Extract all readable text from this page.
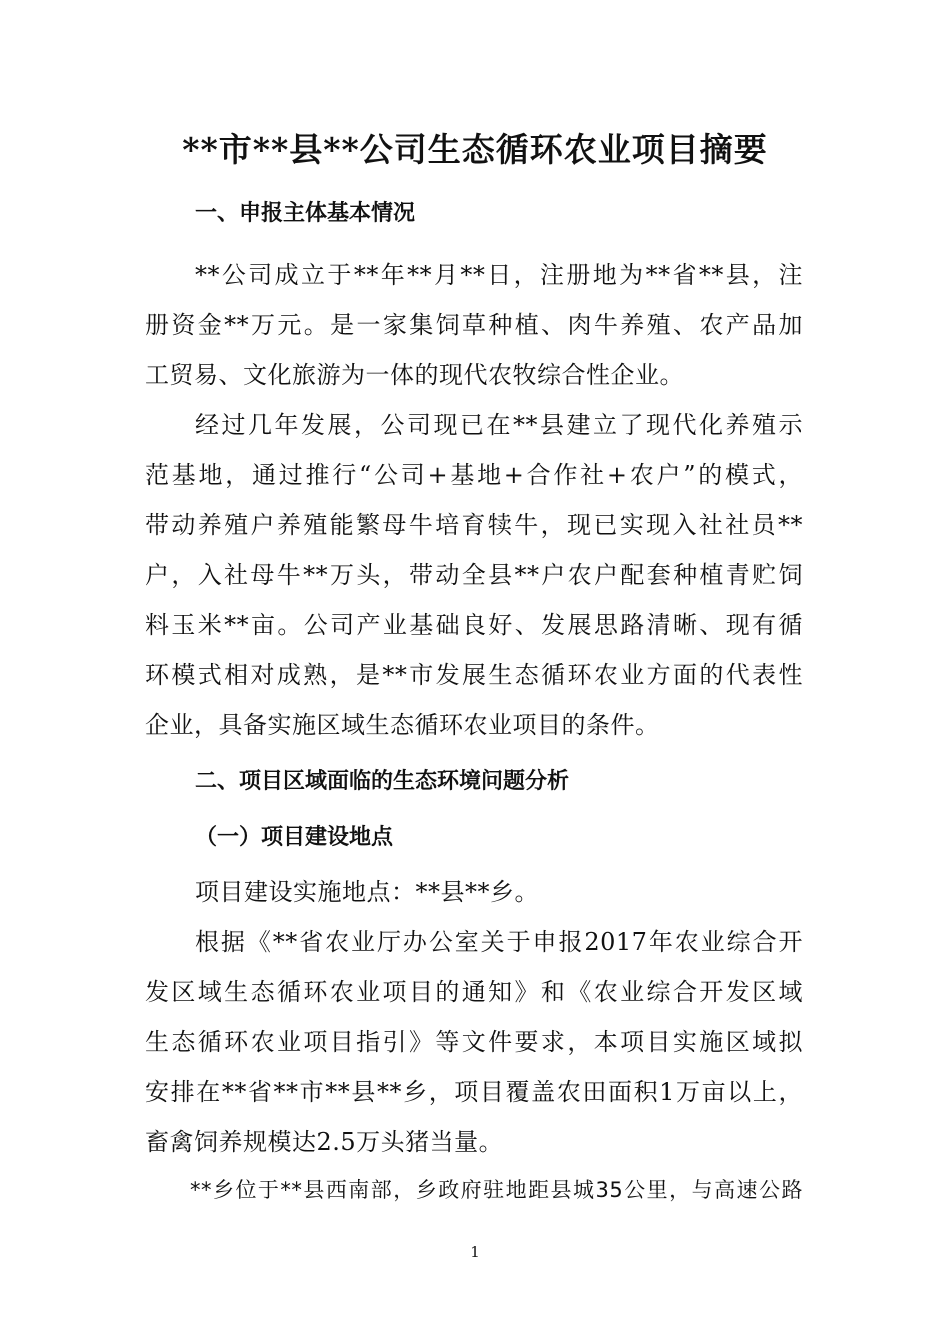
**市**县**公司生态循环农业项目摘要
一、申报主体基本情况
**公司成立于**年**月**日，注册地为**省**县，注
册资金**万元。是一家集饲草种植、肉牛养殖、农产品加
工贸易、文化旅游为一体的现代农牧综合性企业。
经过几年发展，公司现已在**县建立了现代化养殖示
范基地，通过推行“公司+基地+合作社+农户”的模式，
带动养殖户养殖能繁母牛培育犊牛，现已实现入社社员**
户，入社母牛**万头，带动全县**户农户配套种植青贮饲
料玉米**亩。公司产业基础良好、发展思路清晰、现有循
环模式相对成熟，是**市发展生态循环农业方面的代表性
企业，具备实施区域生态循环农业项目的条件。
二、项目区域面临的生态环境问题分析
（一）项目建设地点
项目建设实施地点：**县**乡。
根据《**省农业厅办公室关于申报2017年农业综合开
发区域生态循环农业项目的通知》和《农业综合开发区域
生态循环农业项目指引》等文件要求，本项目实施区域拟
安排在**省**市**县**乡，项目覆盖农田面积1万亩以上，
畜禽饲养规模达2.5万头猪当量。
**乡位于**县西南部，乡政府驻地距县城35公里，与高速公路
1
